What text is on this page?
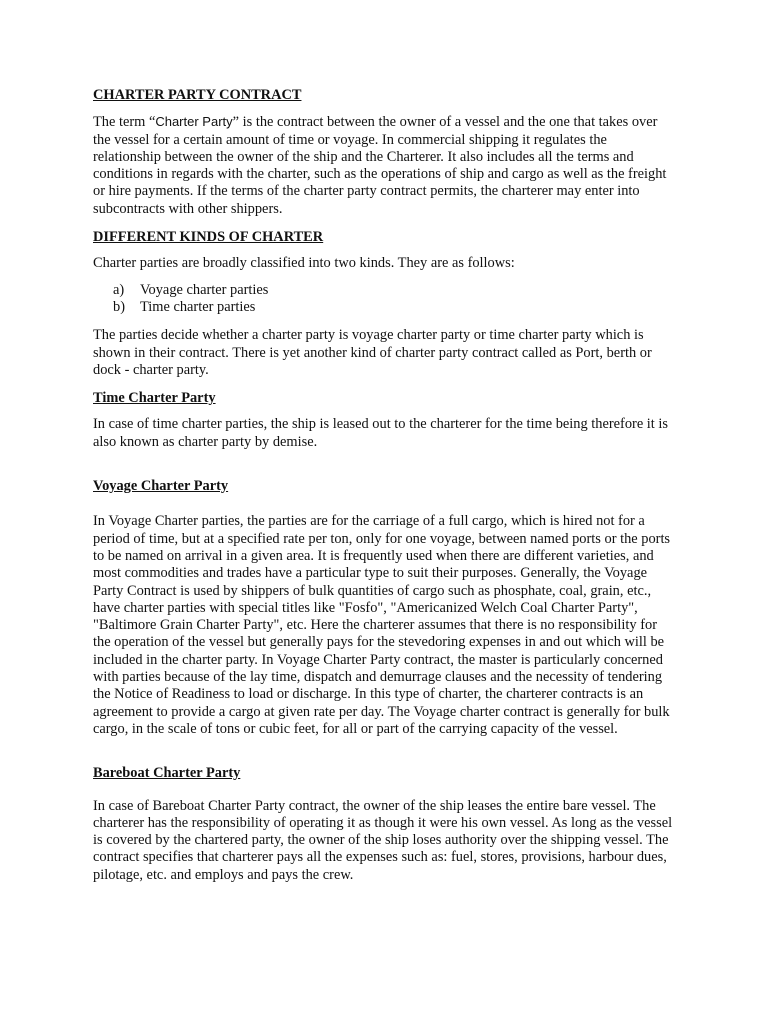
CHARTER PARTY CONTRACT

The term “Charter Party” is the contract between the owner of a vessel and the one that takes over the vessel for a certain amount of time or voyage. In commercial shipping it regulates the relationship between the owner of the ship and the Charterer. It also includes all the terms and conditions in regards with the charter, such as the operations of ship and cargo as well as the freight or hire payments. If the terms of the charter party contract permits, the charterer may enter into subcontracts with other shippers.

DIFFERENT KINDS OF CHARTER

Charter parties are broadly classified into two kinds. They are as follows:

a)	Voyage charter parties
b)	Time charter parties

The parties decide whether a charter party is voyage charter party or time charter party which is shown in their contract. There is yet another kind of charter party contract called as Port, berth or dock - charter party.

Time Charter Party

In case of time charter parties, the ship is leased out to the charterer for the time being therefore it is also known as charter party by demise.

Voyage Charter Party

In Voyage Charter parties, the parties are for the carriage of a full cargo, which is hired not for a period of time, but at a specified rate per ton, only for one voyage, between named ports or the ports to be named on arrival in a given area. It is frequently used when there are different varieties, and most commodities and trades have a particular type to suit their purposes. Generally, the Voyage Party Contract is used by shippers of bulk quantities of cargo such as phosphate, coal, grain, etc., have charter parties with special titles like "Fosfo", "Americanized Welch Coal Charter Party", "Baltimore Grain Charter Party", etc. Here the charterer assumes that there is no responsibility for the operation of the vessel but generally pays for the stevedoring expenses in and out which will be included in the charter party. In Voyage Charter Party contract, the master is particularly concerned with parties because of the lay time, dispatch and demurrage clauses and the necessity of tendering the Notice of Readiness to load or discharge. In this type of charter, the charterer contracts is an agreement to provide a cargo at given rate per day. The Voyage charter contract is generally for bulk cargo, in the scale of tons or cubic feet, for all or part of the carrying capacity of the vessel.

Bareboat Charter Party

In case of Bareboat Charter Party contract, the owner of the ship leases the entire bare vessel. The charterer has the responsibility of operating it as though it were his own vessel. As long as the vessel is covered by the chartered party, the owner of the ship loses authority over the shipping vessel. The contract specifies that charterer pays all the expenses such as: fuel, stores, provisions, harbour dues, pilotage, etc. and employs and pays the crew.
